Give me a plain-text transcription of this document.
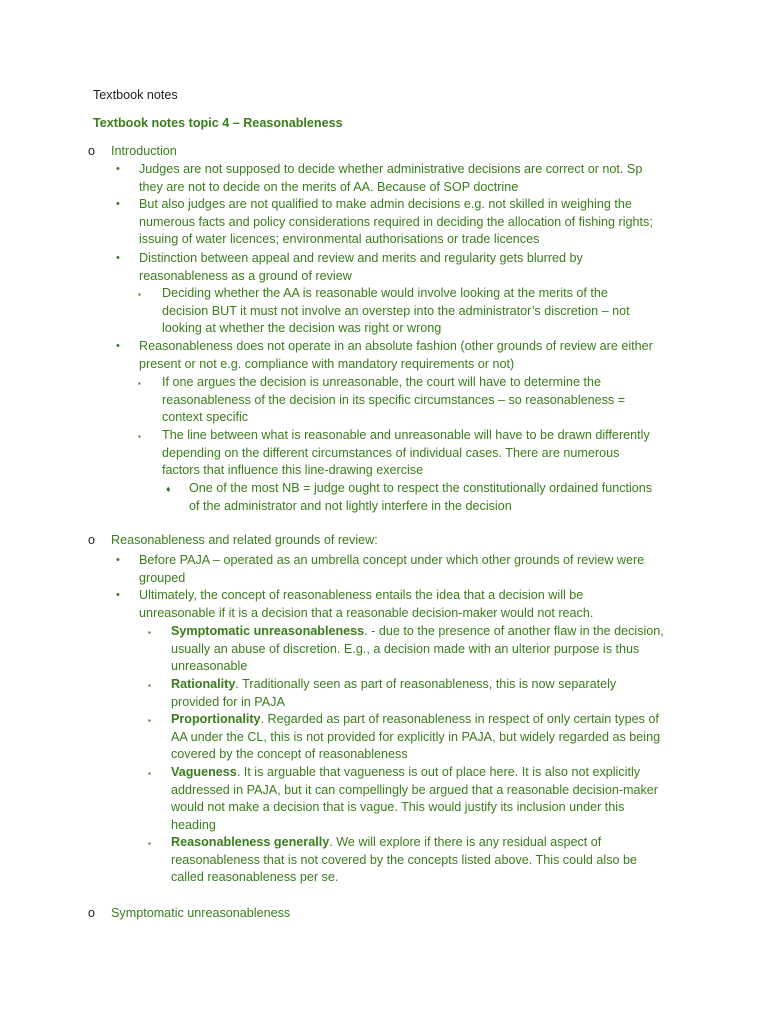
Textbook notes
Textbook notes topic 4 – Reasonableness
o	Introduction
•	Judges are not supposed to decide whether administrative decisions are correct or not. Sp
they are not to decide on the merits of AA. Because of SOP doctrine
•	But also judges are not qualified to make admin decisions e.g. not skilled in weighing the
numerous facts and policy considerations required in deciding the allocation of fishing rights;
issuing of water licences; environmental authorisations or trade licences
•	Distinction between appeal and review and merits and regularity gets blurred by
reasonableness as a ground of review
▪	Deciding whether the AA is reasonable would involve looking at the merits of the
decision BUT it must not involve an overstep into the administrator’s discretion – not
looking at whether the decision was right or wrong
•	Reasonableness does not operate in an absolute fashion (other grounds of review are either
present or not e.g. compliance with mandatory requirements or not)
▪	If one argues the decision is unreasonable, the court will have to determine the
reasonableness of the decision in its specific circumstances – so reasonableness =
context specific
▪	The line between what is reasonable and unreasonable will have to be drawn differently
depending on the different circumstances of individual cases. There are numerous
factors that influence this line-drawing exercise
♦	One of the most NB = judge ought to respect the constitutionally ordained functions
of the administrator and not lightly interfere in the decision
o	Reasonableness and related grounds of review:
•	Before PAJA – operated as an umbrella concept under which other grounds of review were
grouped
•	Ultimately, the concept of reasonableness entails the idea that a decision will be
unreasonable if it is a decision that a reasonable decision-maker would not reach.
▪	Symptomatic unreasonableness. - due to the presence of another flaw in the decision,
usually an abuse of discretion. E.g., a decision made with an ulterior purpose is thus
unreasonable
▪	Rationality. Traditionally seen as part of reasonableness, this is now separately
provided for in PAJA
▪	Proportionality. Regarded as part of reasonableness in respect of only certain types of
AA under the CL, this is not provided for explicitly in PAJA, but widely regarded as being
covered by the concept of reasonableness
▪	Vagueness. It is arguable that vagueness is out of place here. It is also not explicitly
addressed in PAJA, but it can compellingly be argued that a reasonable decision-maker
would not make a decision that is vague. This would justify its inclusion under this
heading
▪	Reasonableness generally. We will explore if there is any residual aspect of
reasonableness that is not covered by the concepts listed above. This could also be
called reasonableness per se.
o	Symptomatic unreasonableness
